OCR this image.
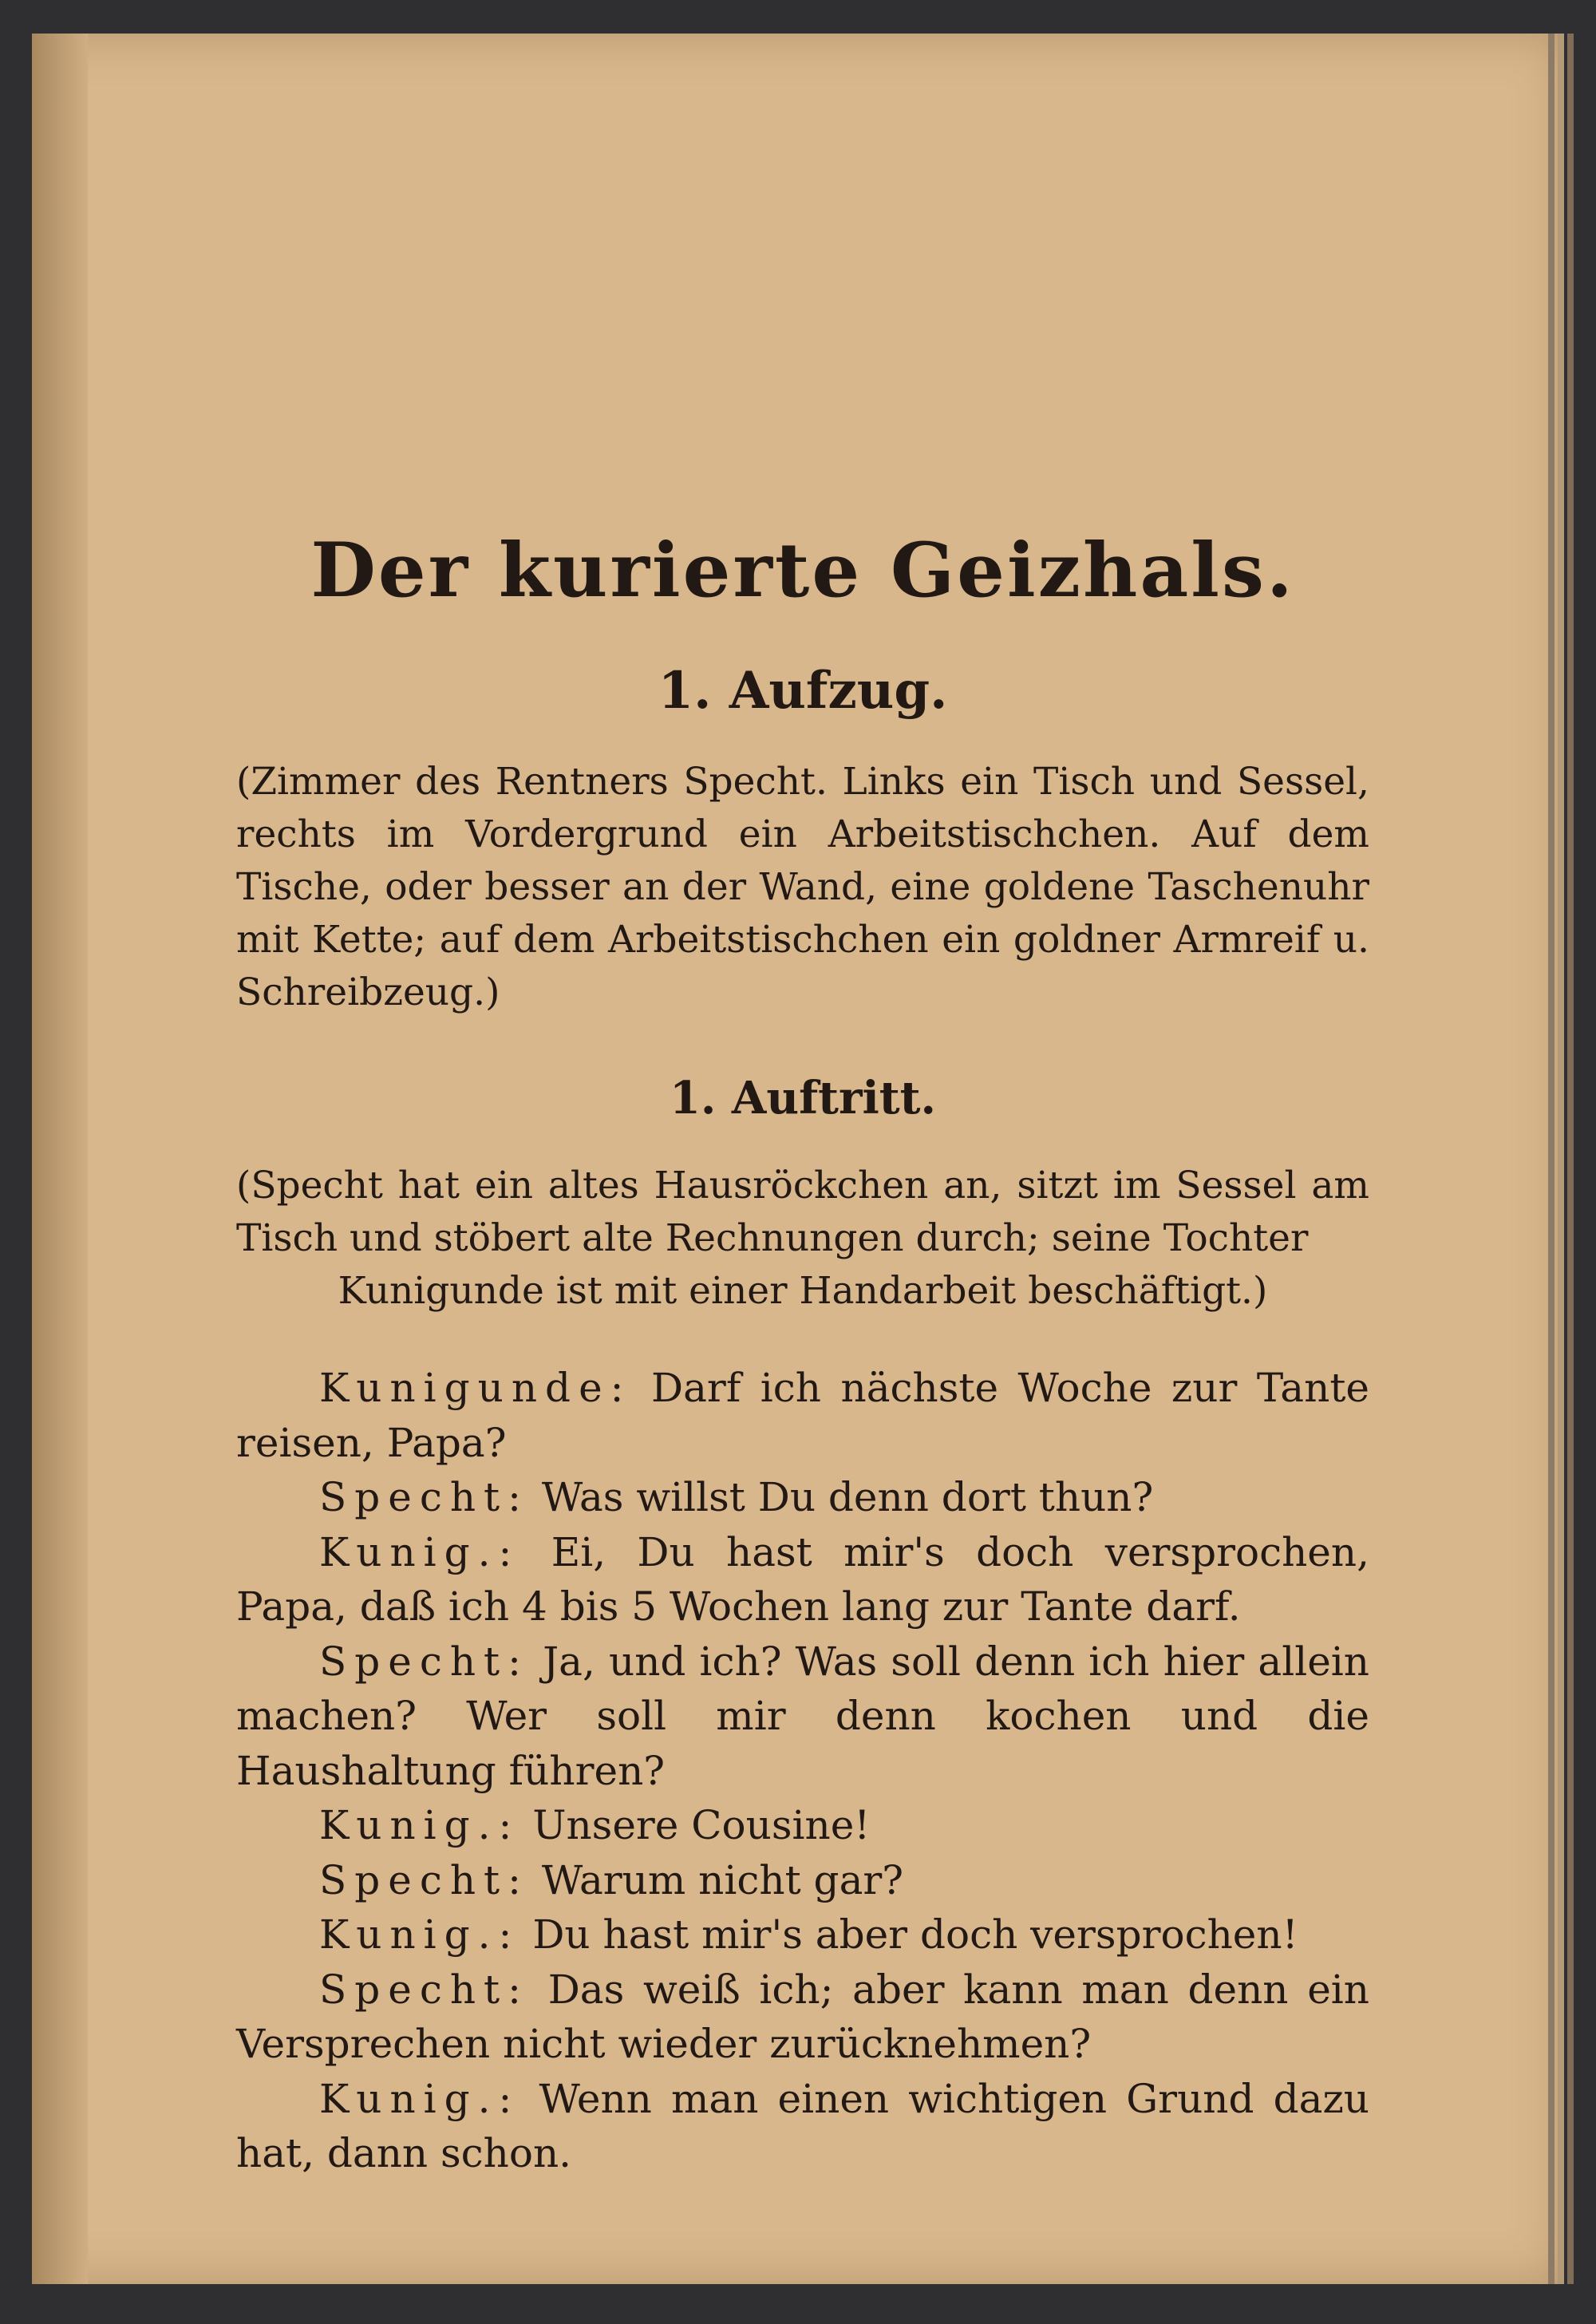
Der kurierte Geizhals.
1. Aufzug.

(Zimmer des Rentners Specht. Links ein Tisch und Sessel, rechts im Vordergrund ein Arbeitstischchen. Auf dem Tische, oder besser an der Wand, eine goldene Taschenuhr mit Kette; auf dem Arbeitstischchen ein goldner Armreif u. Schreibzeug.)

1. Auftritt.

(Specht hat ein altes Hausröckchen an, sitzt im Sessel am Tisch und stöbert alte Rechnungen durch; seine Tochter
Kunigunde ist mit einer Handarbeit beschäftigt.)

Kunigunde: Darf ich nächste Woche zur Tante reisen, Papa?

Specht: Was willst Du denn dort thun?

Kunig.: Ei, Du hast mir's doch versprochen, Papa, daß ich 4 bis 5 Wochen lang zur Tante darf.

Specht: Ja, und ich? Was soll denn ich hier allein machen? Wer soll mir denn kochen und die Haushaltung führen?

Kunig.: Unsere Cousine!

Specht: Warum nicht gar?

Kunig.: Du hast mir's aber doch versprochen!

Specht: Das weiß ich; aber kann man denn ein Versprechen nicht wieder zurücknehmen?

Kunig.: Wenn man einen wichtigen Grund dazu hat, dann schon.
